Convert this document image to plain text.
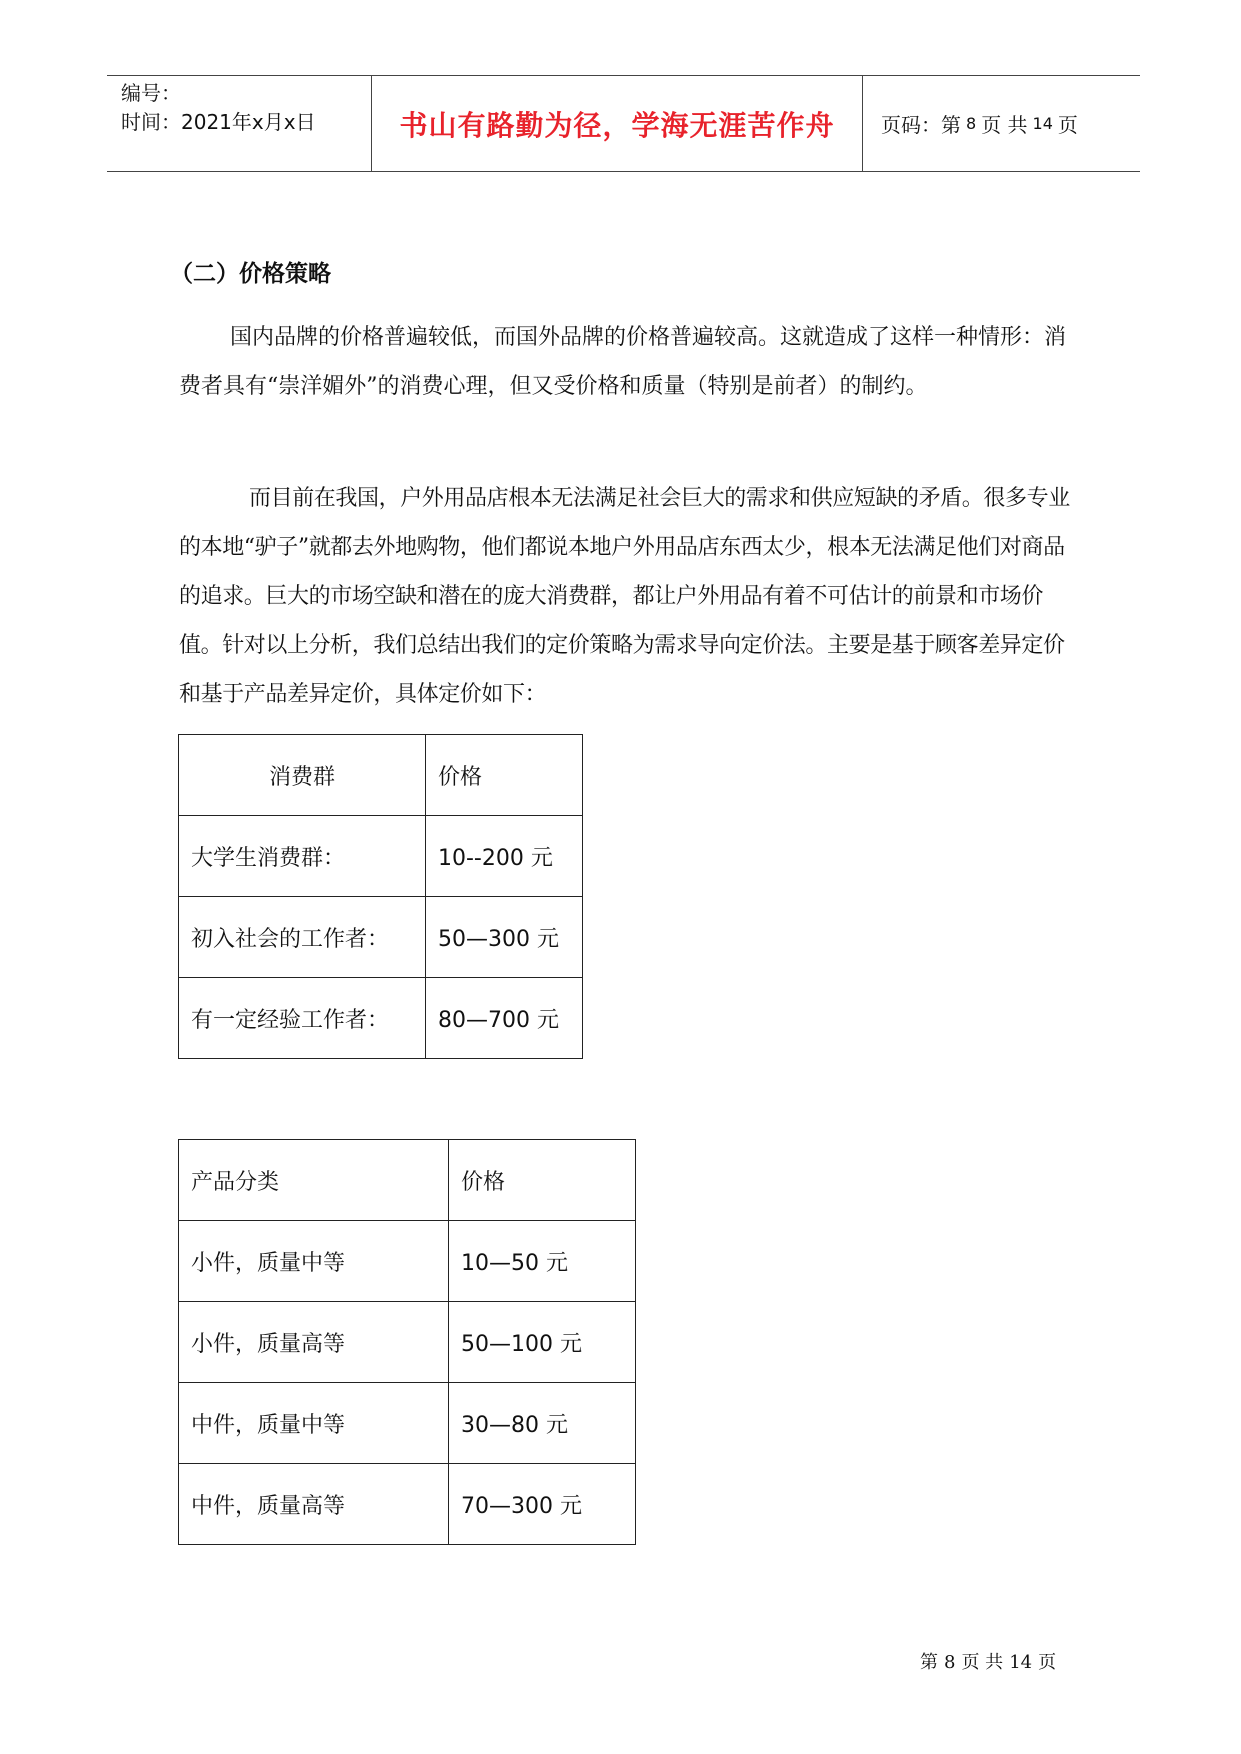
编号：
时间：2021年x月x日	书山有路勤为径，学海无涯苦作舟	页码：第 8 页 共 14 页
（二）价格策略

国内品牌的价格普遍较低，而国外品牌的价格普遍较高。这就造成了这样一种情形：消费者具有“崇洋媚外”的消费心理，但又受价格和质量（特别是前者）的制约。

而目前在我国，户外用品店根本无法满足社会巨大的需求和供应短缺的矛盾。很多专业的本地“驴子”就都去外地购物，他们都说本地户外用品店东西太少，根本无法满足他们对商品的追求。巨大的市场空缺和潜在的庞大消费群，都让户外用品有着不可估计的前景和市场价值。针对以上分析，我们总结出我们的定价策略为需求导向定价法。主要是基于顾客差异定价和基于产品差异定价，具体定价如下：

消费群	价格
大学生消费群：	10--200 元
初入社会的工作者：	50—300 元
有一定经验工作者：	80—700 元
产品分类	价格
小件，质量中等	10—50 元
小件，质量高等	50—100 元
中件，质量中等	30—80 元
中件，质量高等	70—300 元
第 8 页 共 14 页
